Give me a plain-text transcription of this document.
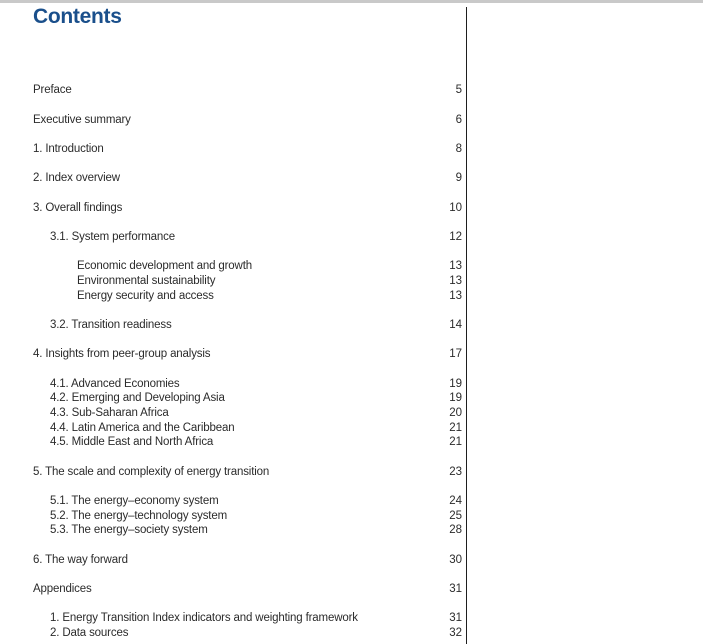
Contents
Preface	5
Executive summary	6
1. Introduction	8
2. Index overview	9
3. Overall findings	10
3.1. System performance	12
Economic development and growth	13
Environmental sustainability	13
Energy security and access	13
3.2. Transition readiness	14
4. Insights from peer-group analysis	17
4.1. Advanced Economies	19
4.2. Emerging and Developing Asia	19
4.3. Sub-Saharan Africa	20
4.4. Latin America and the Caribbean	21
4.5. Middle East and North Africa	21
5. The scale and complexity of energy transition	23
5.1. The energy–economy system	24
5.2. The energy–technology system	25
5.3. The energy–society system	28
6. The way forward	30
Appendices	31
1. Energy Transition Index indicators and weighting framework	31
2. Data sources	32
